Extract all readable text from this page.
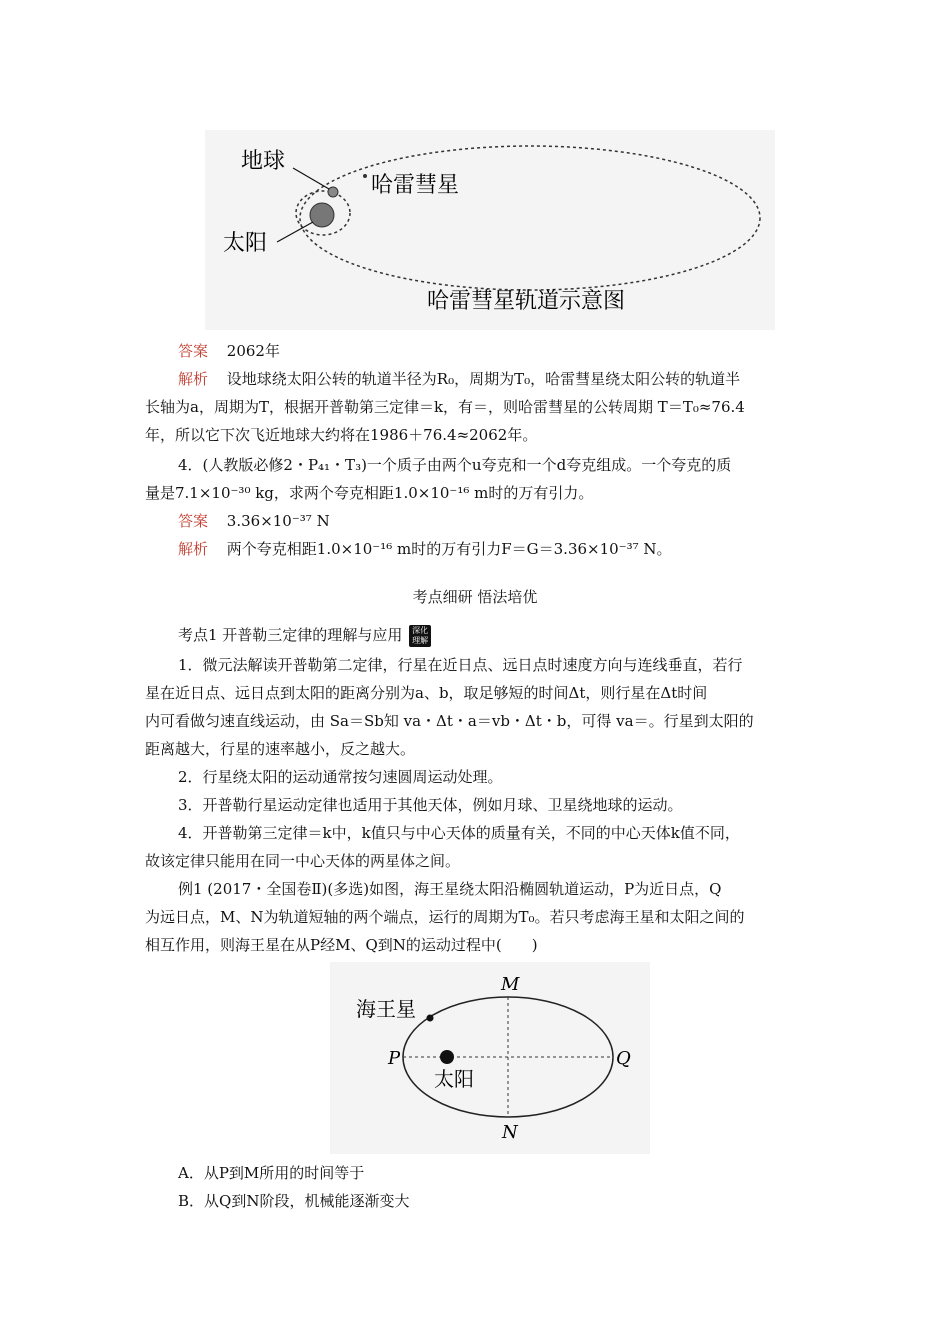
地球
太阳
哈雷彗星
哈雷彗星轨道示意图
答案 2062年
解析 设地球绕太阳公转的轨道半径为R₀，周期为T₀，哈雷彗星绕太阳公转的轨道半
长轴为a，周期为T，根据开普勒第三定律＝k，有＝，则哈雷彗星的公转周期 T＝T₀≈76.4
年，所以它下次飞近地球大约将在1986＋76.4≈2062年。
4．(人教版必修2・P₄₁・T₃)一个质子由两个u夸克和一个d夸克组成。一个夸克的质
量是7.1×10⁻³⁰ kg，求两个夸克相距1.0×10⁻¹⁶ m时的万有引力。
答案 3.36×10⁻³⁷ N
解析 两个夸克相距1.0×10⁻¹⁶ m时的万有引力F＝G＝3.36×10⁻³⁷ N。
考点细研 悟法培优
考点1 开普勒三定律的理解与应用 深化
理解
1．微元法解读开普勒第二定律，行星在近日点、远日点时速度方向与连线垂直，若行
星在近日点、远日点到太阳的距离分别为a、b，取足够短的时间Δt，则行星在Δt时间
内可看做匀速直线运动，由 Sa＝Sb知 va・Δt・a＝vb・Δt・b，可得 va＝。行星到太阳的
距离越大，行星的速率越小，反之越大。
2．行星绕太阳的运动通常按匀速圆周运动处理。
3．开普勒行星运动定律也适用于其他天体，例如月球、卫星绕地球的运动。
4．开普勒第三定律＝k中，k值只与中心天体的质量有关，不同的中心天体k值不同，
故该定律只能用在同一中心天体的两星体之间。
例1 (2017・全国卷Ⅱ)(多选)如图，海王星绕太阳沿椭圆轨道运动，P为近日点，Q
为远日点，M、N为轨道短轴的两个端点，运行的周期为T₀。若只考虑海王星和太阳之间的
相互作用，则海王星在从P经M、Q到N的运动过程中(　　)
海王星
太阳
M
N
P	Q
A．从P到M所用的时间等于
B．从Q到N阶段，机械能逐渐变大
